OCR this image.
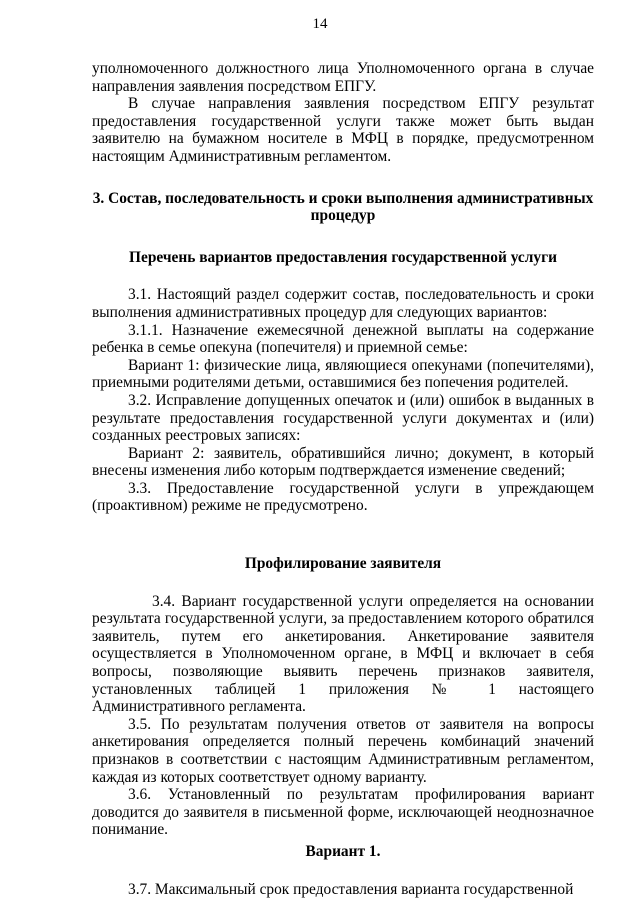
14

уполномоченного должностного лица Уполномоченного органа в случае направления заявления посредством ЕПГУ.

В случае направления заявления посредством ЕПГУ результат предоставления государственной услуги также может быть выдан заявителю на бумажном носителе в МФЦ в порядке, предусмотренном настоящим Административным регламентом.

3. Состав, последовательность и сроки выполнения административных процедур

Перечень вариантов предоставления государственной услуги

3.1. Настоящий раздел содержит состав, последовательность и сроки выполнения административных процедур для следующих вариантов:

3.1.1. Назначение ежемесячной денежной выплаты на содержание ребенка в семье опекуна (попечителя) и приемной семье:

Вариант 1: физические лица, являющиеся опекунами (попечителями), приемными родителями детьми, оставшимися без попечения родителей.

3.2. Исправление допущенных опечаток и (или) ошибок в выданных в результате предоставления государственной услуги документах и (или) созданных реестровых записях:

Вариант 2: заявитель, обратившийся лично; документ, в который внесены изменения либо которым подтверждается изменение сведений;

3.3. Предоставление государственной услуги в упреждающем (проактивном) режиме не предусмотрено.

Профилирование заявителя

3.4. Вариант государственной услуги определяется на основании результата государственной услуги, за предоставлением которого обратился заявитель, путем его анкетирования. Анкетирование заявителя осуществляется в Уполномоченном органе, в МФЦ и включает в себя вопросы, позволяющие выявить перечень признаков заявителя, установленных таблицей 1 приложения № 1 настоящего Административного регламента.

3.5. По результатам получения ответов от заявителя на вопросы анкетирования определяется полный перечень комбинаций значений признаков в соответствии с настоящим Административным регламентом, каждая из которых соответствует одному варианту.

3.6. Установленный по результатам профилирования вариант доводится до заявителя в письменной форме, исключающей неоднозначное понимание.

Вариант 1.

3.7. Максимальный срок предоставления варианта государственной
